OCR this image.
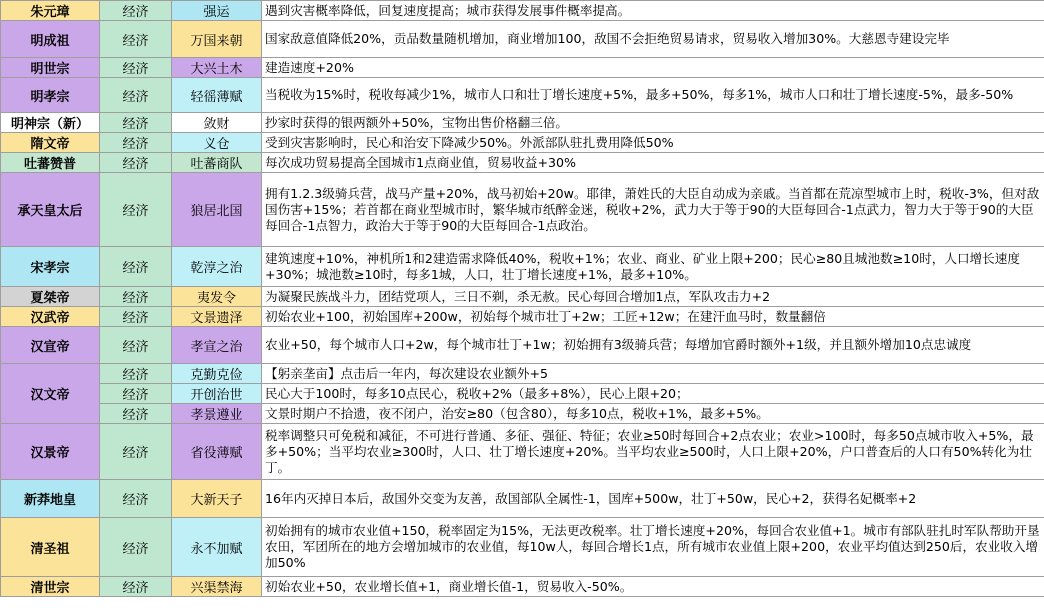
朱元璋	经济	强运	遇到灾害概率降低，回复速度提高；城市获得发展事件概率提高。
明成祖	经济	万国来朝	国家敌意值降低20%，贡品数量随机增加，商业增加100，敌国不会拒绝贸易请求，贸易收入增加30%。大慈恩寺建设完毕
明世宗	经济	大兴土木	建造速度+20%
明孝宗	经济	轻徭薄赋	当税收为15%时，税收每减少1%，城市人口和壮丁增长速度+5%，最多+50%，每多1%，城市人口和壮丁增长速度-5%，最多-50%
明神宗（新）	经济	敛财	抄家时获得的银两额外+50%，宝物出售价格翻三倍。
隋文帝	经济	义仓	受到灾害影响时，民心和治安下降减少50%。外派部队驻扎费用降低50%
吐蕃赞普	经济	吐蕃商队	每次成功贸易提高全国城市1点商业值，贸易收益+30%
承天皇太后	经济	狼居北国	拥有1.2.3级骑兵营，战马产量+20%，战马初始+20w。耶律，萧姓氏的大臣自动成为亲戚。当首都在荒凉型城市上时，税收-3%，但对敌国伤害+15%；若首都在商业型城市时，繁华城市纸醉金迷，税收+2%，武力大于等于90的大臣每回合-1点武力，智力大于等于90的大臣每回合-1点智力，政治大于等于90的大臣每回合-1点政治。
宋孝宗	经济	乾淳之治	建筑速度+10%，神机所1和2建造需求降低40%，税收+1%；农业、商业、矿业上限+200；民心≥80且城池数≥10时，人口增长速度+30%；城池数≥10时，每多1城，人口，壮丁增长速度+1%，最多+10%。
夏桀帝	经济	夷发令	为凝聚民族战斗力，团结党项人，三日不剃，杀无赦。民心每回合增加1点，军队攻击力+2
汉武帝	经济	文景遗泽	初始农业+100，初始国库+200w，初始每个城市壮丁+2w；工匠+12w；在建汗血马时，数量翻倍
汉宣帝	经济	孝宣之治	农业+50，每个城市人口+2w，每个城市壮丁+1w；初始拥有3级骑兵营；每增加官爵时额外+1级，并且额外增加10点忠诚度
汉文帝	经济	克勤克俭	【躬亲垄亩】点击后一年内，每次建设农业额外+5
	经济	开创治世	民心大于100时，每多10点民心，税收+2%（最多+8%），民心上限+20；
	经济	孝景遵业	文景时期户不拾遗，夜不闭户，治安≥80（包含80），每多10点，税收+1%，最多+5%。
汉景帝	经济	省役薄赋	税率调整只可免税和减征，不可进行普通、多征、强征、特征；农业≥50时每回合+2点农业；农业>100时，每多50点城市收入+5%，最多+50%；当平均农业≥300时，人口、壮丁增长速度+20%。当平均农业≥500时，人口上限+20%，户口普查后的人口有50%转化为壮丁。
新莽地皇	经济	大新天子	16年内灭掉日本后，敌国外交变为友善，敌国部队全属性-1，国库+500w，壮丁+50w，民心+2，获得名妃概率+2
清圣祖	经济	永不加赋	初始拥有的城市农业值+150，税率固定为15%，无法更改税率。壮丁增长速度+20%，每回合农业值+1。城市有部队驻扎时军队帮助开垦农田，军团所在的地方会增加城市的农业值，每10w人，每回合增长1点，所有城市农业值上限+200，农业平均值达到250后，农业收入增加50%
清世宗	经济	兴渠禁海	初始农业+50，农业增长值+1，商业增长值-1，贸易收入-50%。
